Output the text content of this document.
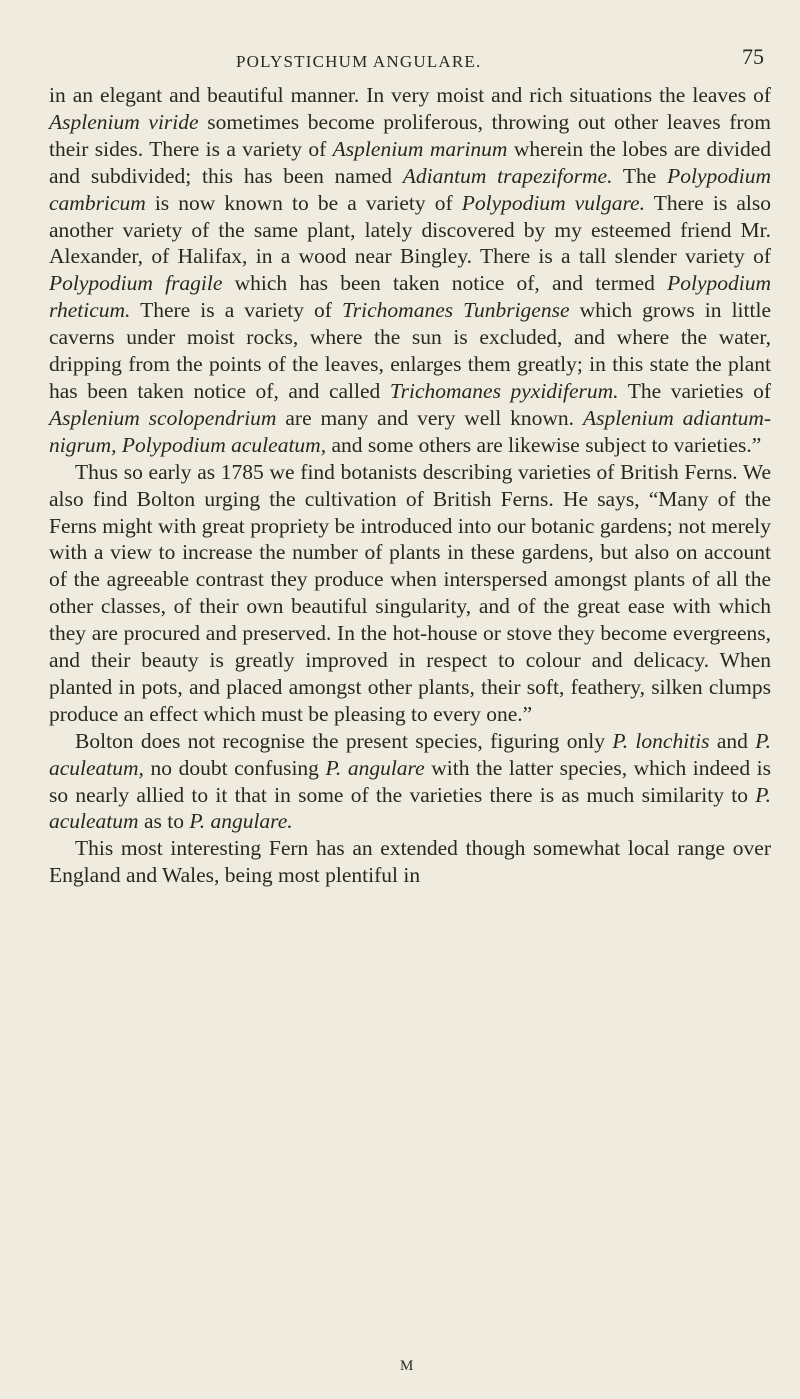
POLYSTICHUM ANGULARE.	75

in an elegant and beautiful manner. In very moist and rich situations the leaves of Asplenium viride sometimes become proliferous, throwing out other leaves from their sides. There is a variety of Asplenium marinum wherein the lobes are divided and subdivided; this has been named Adiantum trapeziforme. The Polypodium cambricum is now known to be a variety of Polypodium vulgare. There is also another variety of the same plant, lately discovered by my esteemed friend Mr. Alexander, of Halifax, in a wood near Bingley. There is a tall slender variety of Polypodium fragile which has been taken notice of, and termed Polypodium rheticum. There is a variety of Trichomanes Tunbrigense which grows in little caverns under moist rocks, where the sun is excluded, and where the water, dripping from the points of the leaves, enlarges them greatly; in this state the plant has been taken notice of, and called Trichomanes pyxidiferum. The varieties of Asplenium scolopendrium are many and very well known. Asplenium adiantum-nigrum, Polypodium aculeatum, and some others are likewise subject to varieties.”

Thus so early as 1785 we find botanists describing varieties of British Ferns. We also find Bolton urging the cultivation of British Ferns. He says, “Many of the Ferns might with great propriety be introduced into our botanic gardens; not merely with a view to increase the number of plants in these gardens, but also on account of the agreeable contrast they produce when interspersed amongst plants of all the other classes, of their own beautiful singularity, and of the great ease with which they are procured and preserved. In the hot-house or stove they become evergreens, and their beauty is greatly improved in respect to colour and delicacy. When planted in pots, and placed amongst other plants, their soft, feathery, silken clumps produce an effect which must be pleasing to every one.”

Bolton does not recognise the present species, figuring only P. lonchitis and P. aculeatum, no doubt confusing P. angulare with the latter species, which indeed is so nearly allied to it that in some of the varieties there is as much similarity to P. aculeatum as to P. angulare.

This most interesting Fern has an extended though somewhat local range over England and Wales, being most plentiful in

M
